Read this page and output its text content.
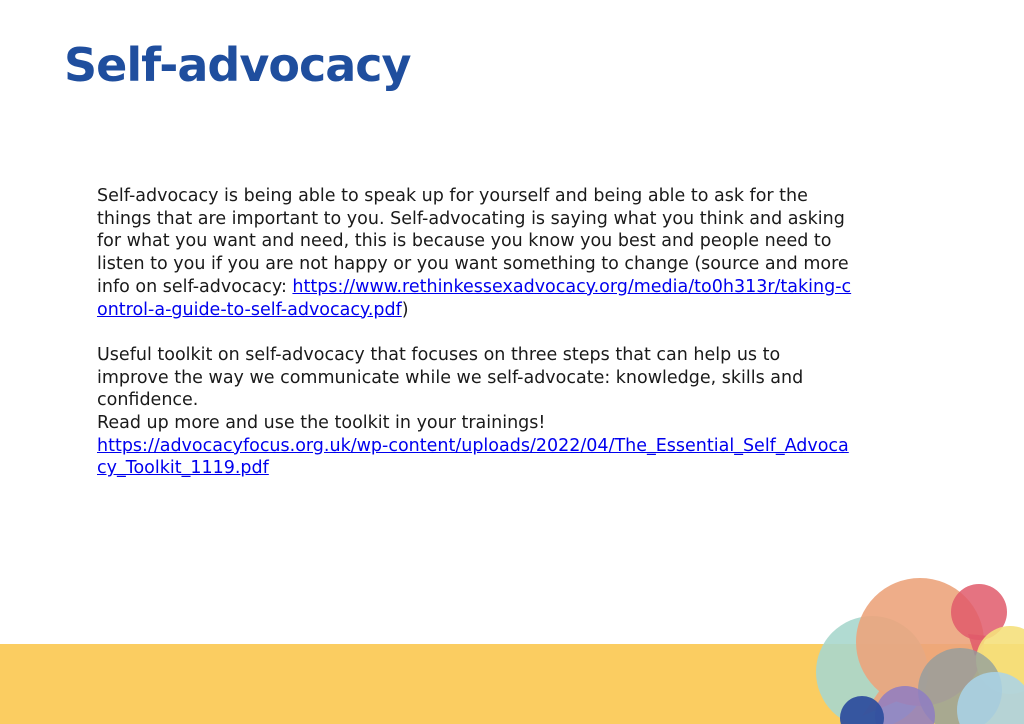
Self-advocacy

Self-advocacy is being able to speak up for yourself and being able to ask for the things that are important to you. Self-advocating is saying what you think and asking for what you want and need, this is because you know you best and people need to listen to you if you are not happy or you want something to change (source and more info on self-advocacy: https://www.rethinkessexadvocacy.org/media/to0h313r/taking-control-a-guide-to-self-advocacy.pdf)

Useful toolkit on self-advocacy that focuses on three steps that can help us to improve the way we communicate while we self-advocate: knowledge, skills and confidence.

Read up more and use the toolkit in your trainings!

https://advocacyfocus.org.uk/wp-content/uploads/2022/04/The_Essential_Self_Advocacy_Toolkit_1119.pdf
